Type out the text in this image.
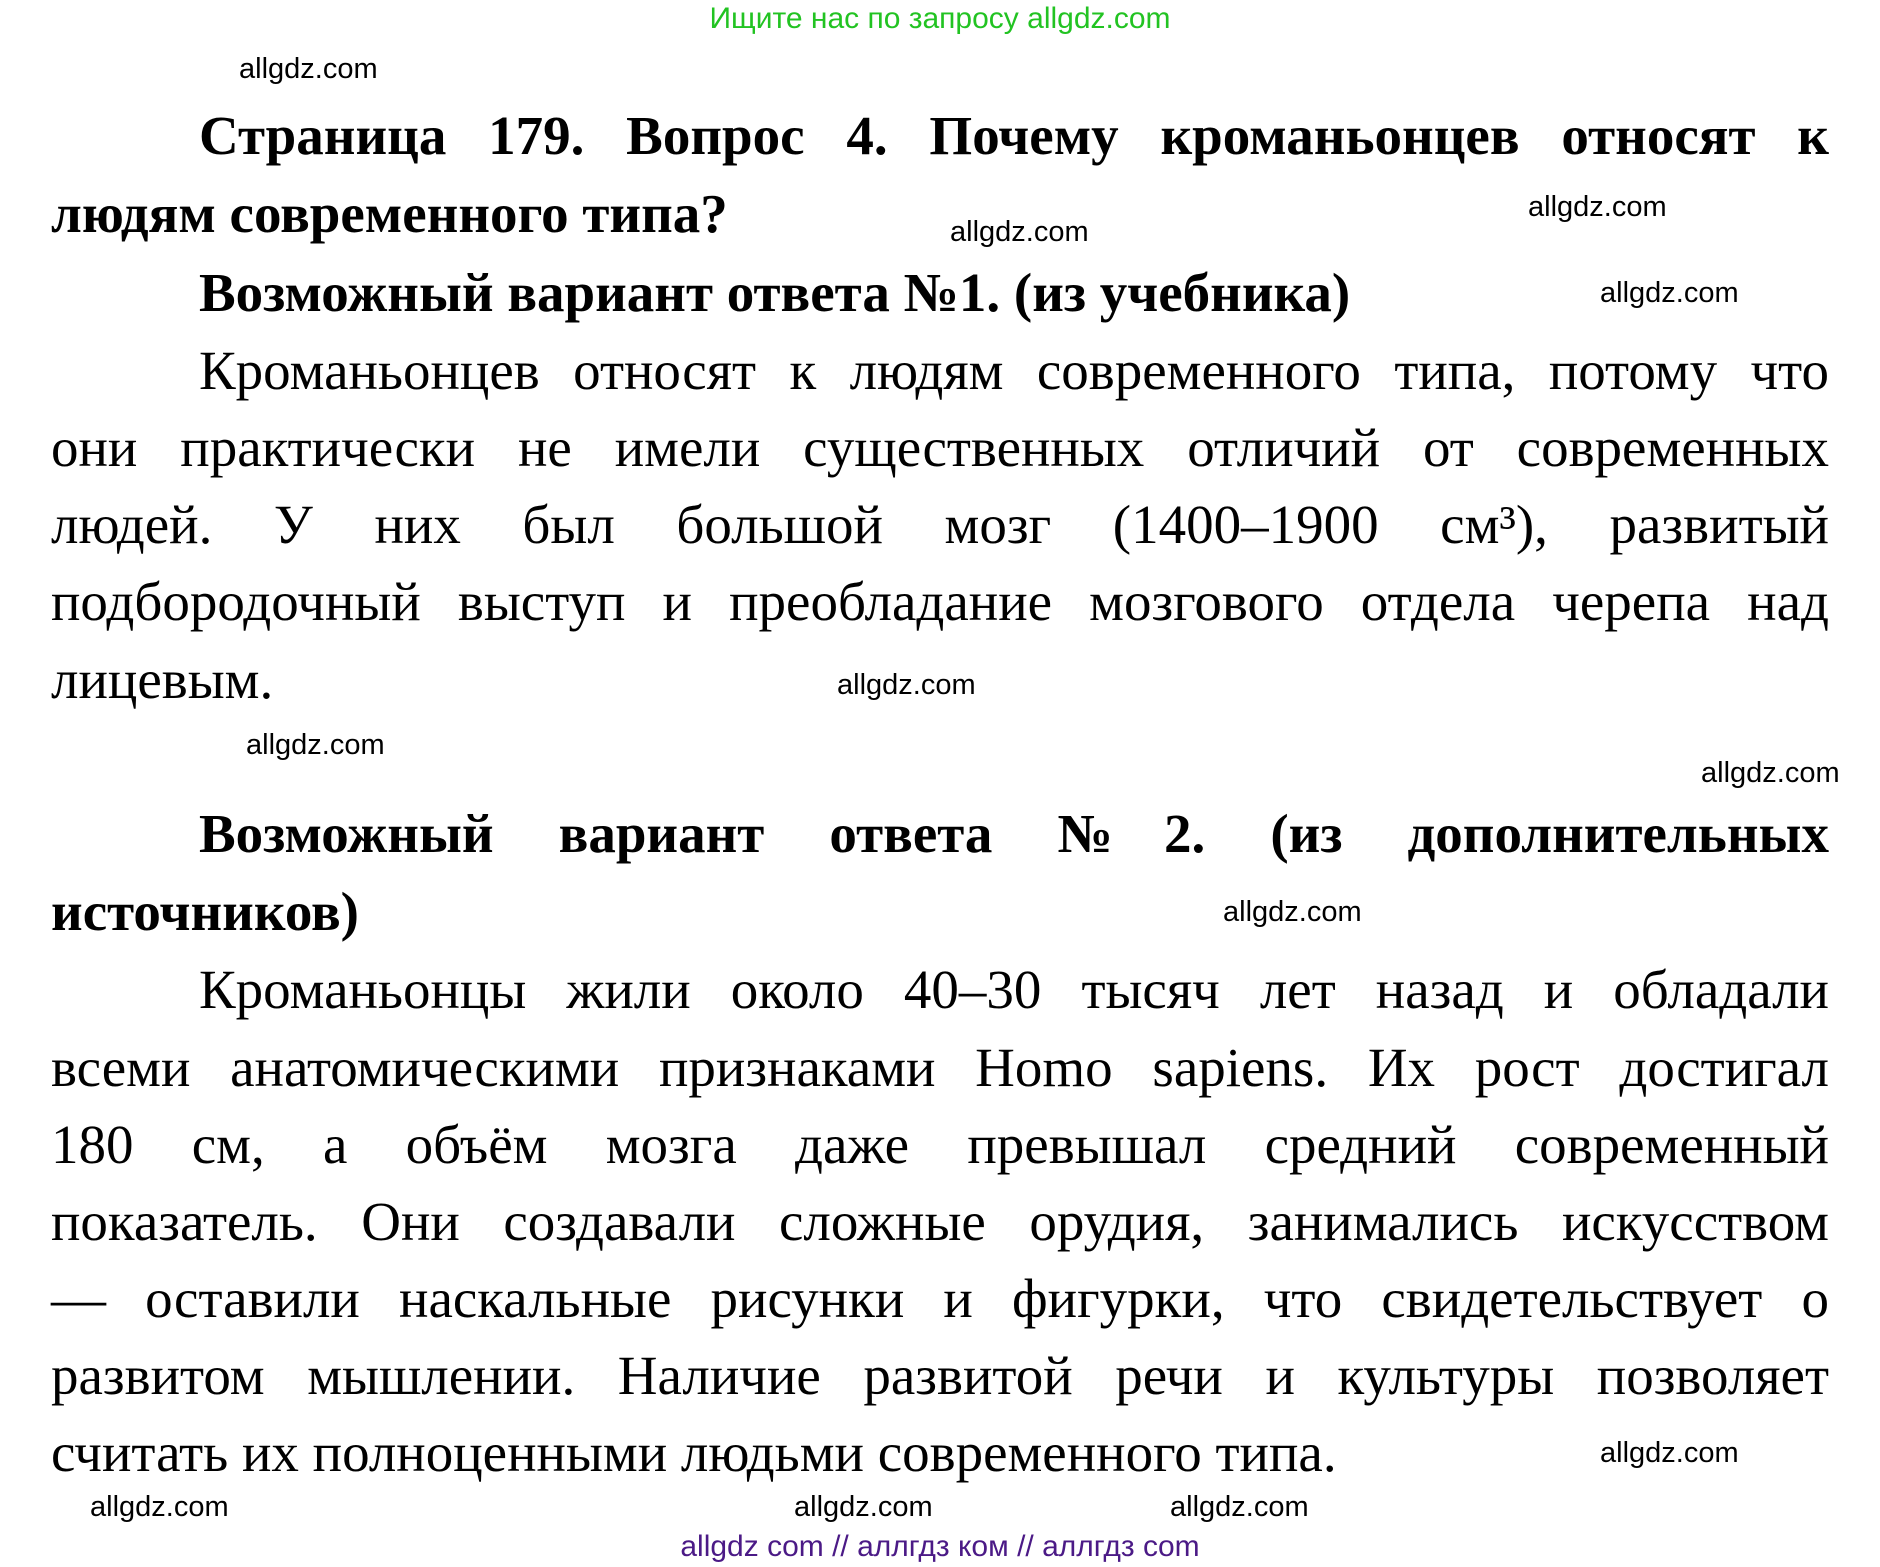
Ищите нас по запросу allgdz.com
Страница 179. Вопрос 4. Почему кроманьонцев относят к
людям современного типа?
Возможный вариант ответа №1. (из учебника)
Кроманьонцев относят к людям современного типа, потому что
они практически не имели существенных отличий от современных
людей. У них был большой мозг (1400–1900 см³), развитый
подбородочный выступ и преобладание мозгового отдела черепа над
лицевым.
Возможный вариант ответа №2. (из дополнительных
источников)
Кроманьонцы жили около 40–30 тысяч лет назад и обладали
всеми анатомическими признаками Homo sapiens. Их рост достигал
180 см, а объём мозга даже превышал средний современный
показатель. Они создавали сложные орудия, занимались искусством
— оставили наскальные рисунки и фигурки, что свидетельствует о
развитом мышлении. Наличие развитой речи и культуры позволяет
считать их полноценными людьми современного типа.
allgdz.com
allgdz.com
allgdz.com
allgdz.com
allgdz.com
allgdz.com
allgdz.com
allgdz.com
allgdz.com
allgdz.com
allgdz.com
allgdz.com
allgdz com // аллгдз ком // аллгдз com
